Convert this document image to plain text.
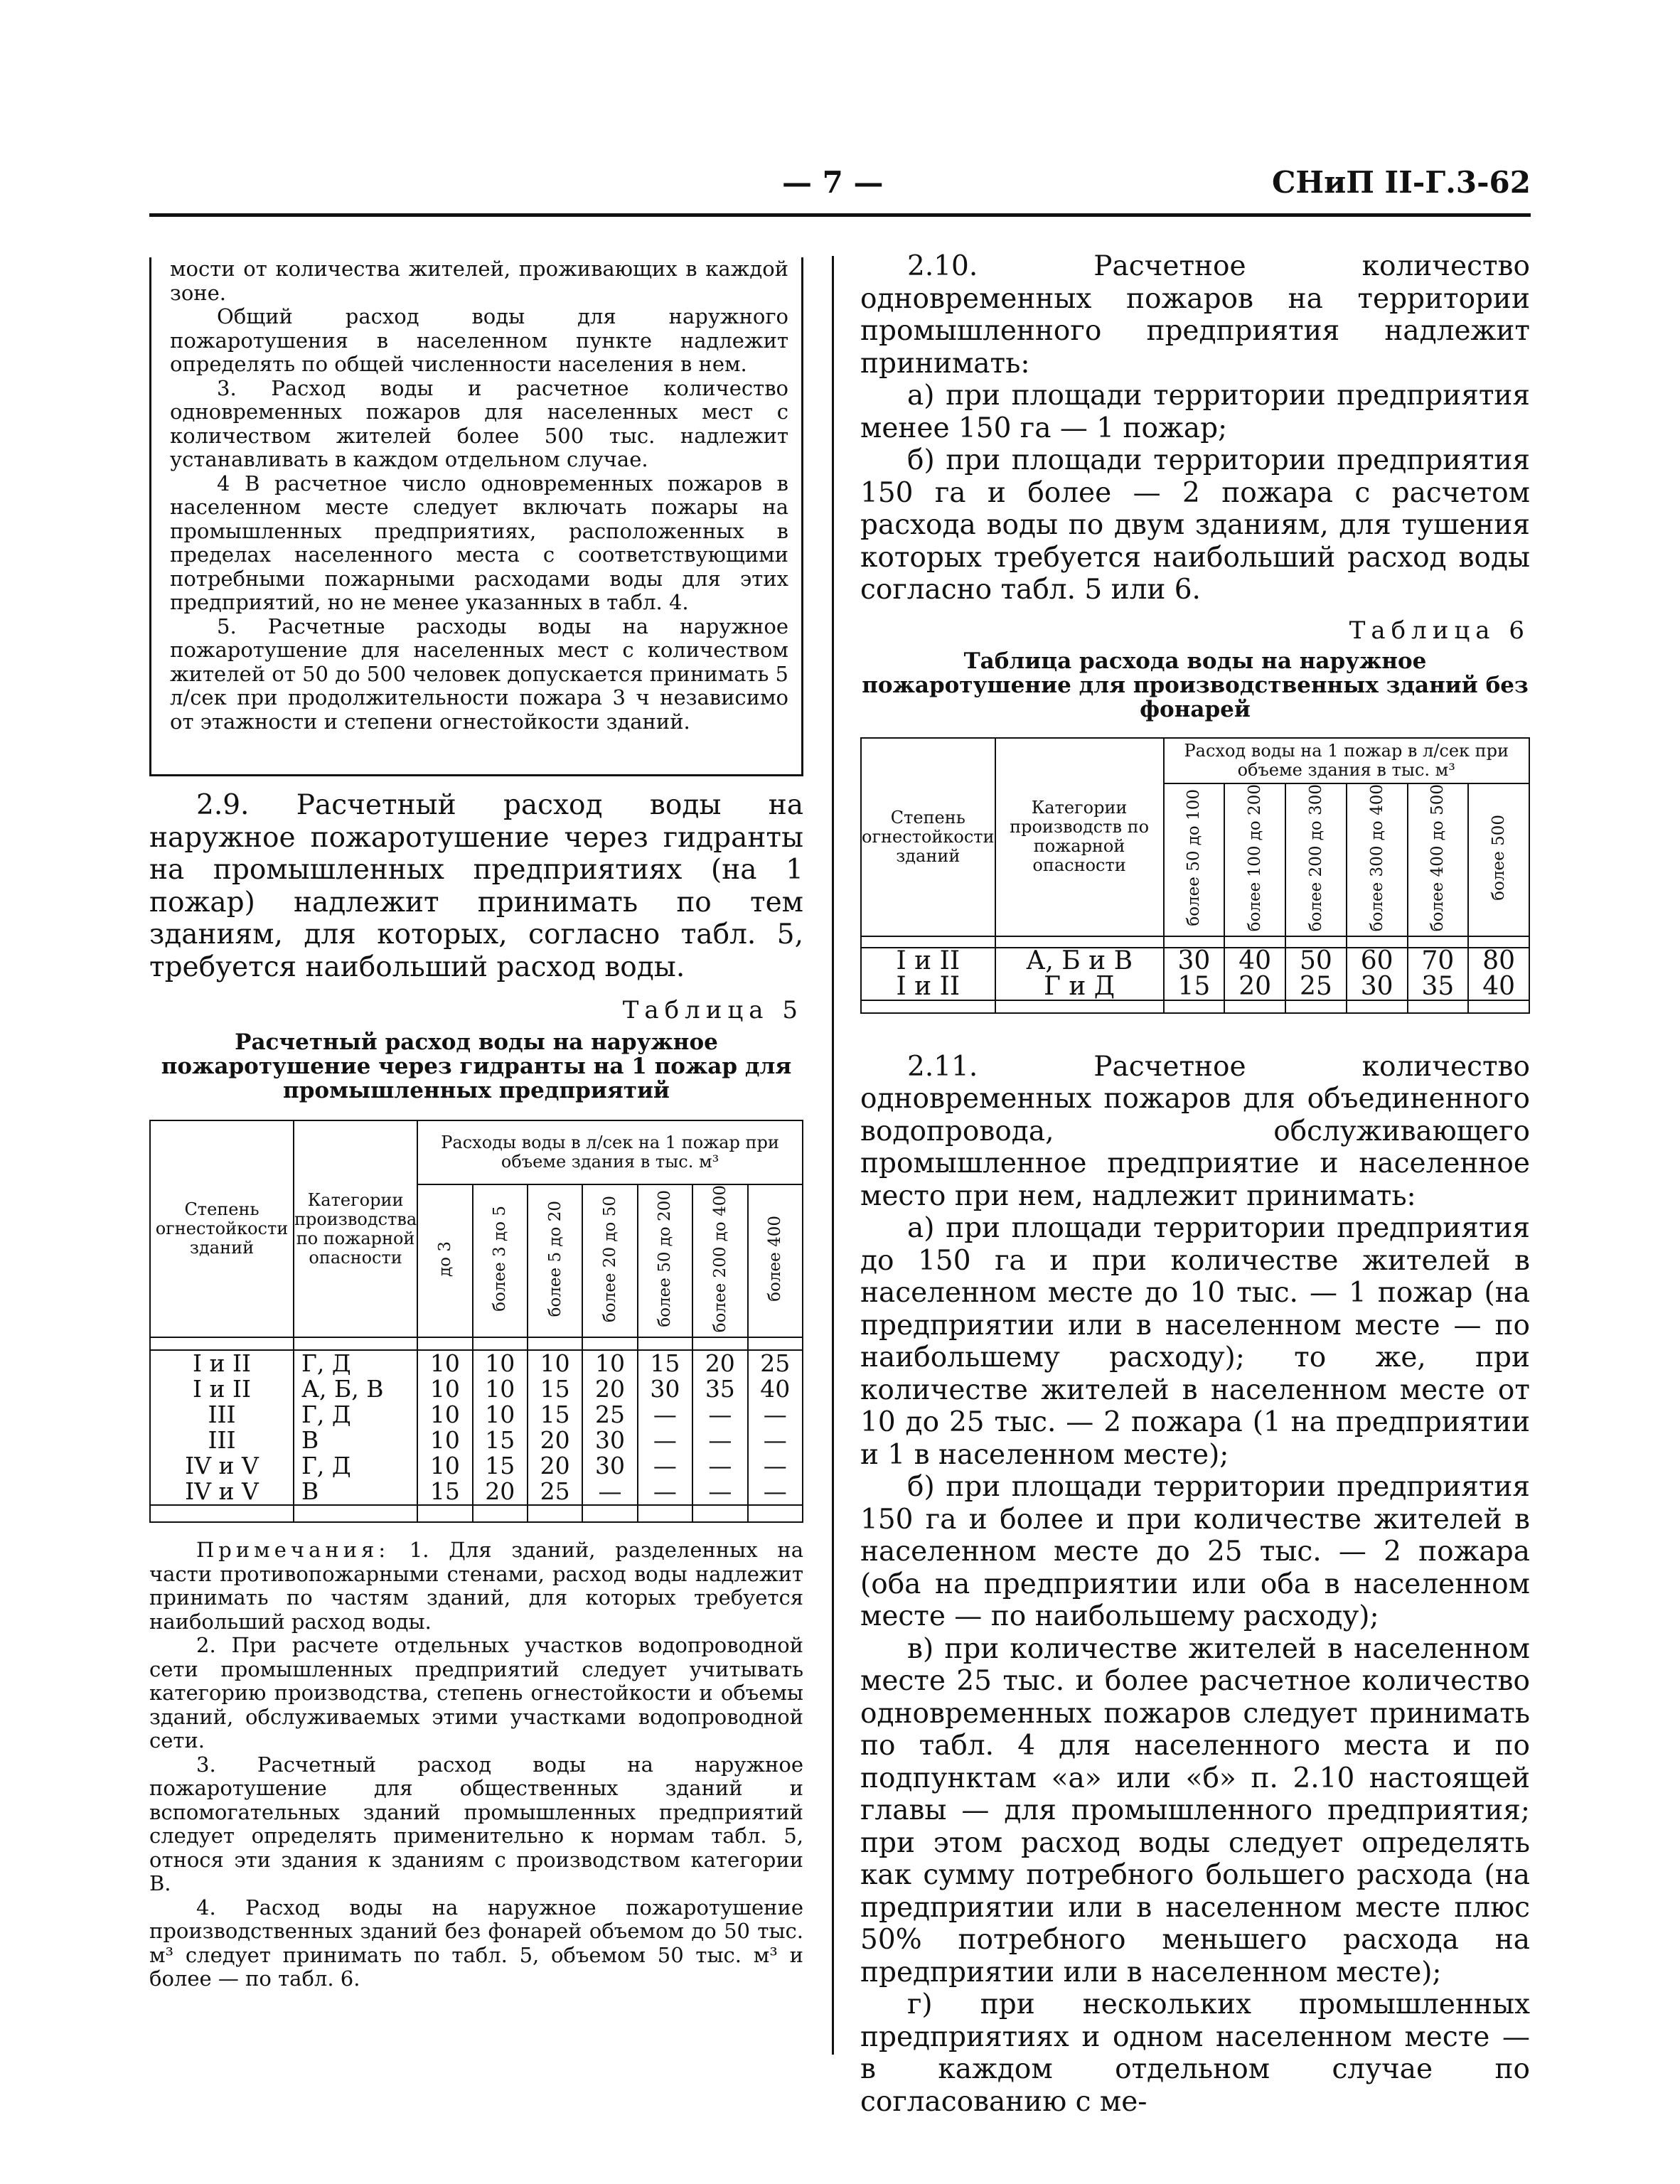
— 7 —	СНиП II-Г.3-62

мости от количества жителей, проживающих в каждой зоне.

Общий расход воды для наружного пожаротушения в населенном пункте надлежит определять по общей численности населения в нем.

3. Расход воды и расчетное количество одновременных пожаров для населенных мест с количеством жителей более 500 тыс. надлежит устанавливать в каждом отдельном случае.

4 В расчетное число одновременных пожаров в населенном месте следует включать пожары на промышленных предприятиях, расположенных в пределах населенного места с соответствующими потребными пожарными расходами воды для этих предприятий, но не менее указанных в табл. 4.

5. Расчетные расходы воды на наружное пожаротушение для населенных мест с количеством жителей от 50 до 500 человек допускается принимать 5 л/сек при продолжительности пожара 3 ч независимо от этажности и степени огнестойкости зданий.

2.9. Расчетный расход воды на наружное пожаротушение через гидранты на промышленных предприятиях (на 1 пожар) надлежит принимать по тем зданиям, для которых, согласно табл. 5, требуется наибольший расход воды.

Таблица 5

Расчетный расход воды на наружное пожаротушение через гидранты на 1 пожар для промышленных предприятий

Степень огнестойкости зданий	Категории производства по пожарной опасности	Расходы воды в л/сек на 1 пожар при объеме здания в тыс. м³						
		до 3	более 3 до 5	более 5 до 20	более 20 до 50	более 50 до 200	более 200 до 400	более 400

I и II	Г, Д	10	10	10	10	15	20	25
I и II	А, Б, В	10	10	15	20	30	35	40
III	Г, Д	10	10	15	25	—	—	—
III	В	10	15	20	30	—	—	—
IV и V	Г, Д	10	15	20	30	—	—	—
IV и V	В	15	20	25	—	—	—	—

Примечания: 1. Для зданий, разделенных на части противопожарными стенами, расход воды надлежит принимать по частям зданий, для которых требуется наибольший расход воды.

2. При расчете отдельных участков водопроводной сети промышленных предприятий следует учитывать категорию производства, степень огнестойкости и объемы зданий, обслуживаемых этими участками водопроводной сети.

3. Расчетный расход воды на наружное пожаротушение для общественных зданий и вспомогательных зданий промышленных предприятий следует определять применительно к нормам табл. 5, относя эти здания к зданиям с производством категории В.

4. Расход воды на наружное пожаротушение производственных зданий без фонарей объемом до 50 тыс. м³ следует принимать по табл. 5, объемом 50 тыс. м³ и более — по табл. 6.

2.10. Расчетное количество одновременных пожаров на территории промышленного предприятия надлежит принимать:

а) при площади территории предприятия менее 150 га — 1 пожар;

б) при площади территории предприятия 150 га и более — 2 пожара с расчетом расхода воды по двум зданиям, для тушения которых требуется наибольший расход воды согласно табл. 5 или 6.

Таблица 6

Таблица расхода воды на наружное пожаротушение для производственных зданий без фонарей

Степень огнестойкости зданий	Категории производств по пожарной опасности	Расход воды на 1 пожар в л/сек при объеме здания в тыс. м³					
		более 50 до 100	более 100 до 200	более 200 до 300	более 300 до 400	более 400 до 500	более 500

I и II	А, Б и В	30	40	50	60	70	80
I и II	Г и Д	15	20	25	30	35	40

2.11. Расчетное количество одновременных пожаров для объединенного водопровода, обслуживающего промышленное предприятие и населенное место при нем, надлежит принимать:

а) при площади территории предприятия до 150 га и при количестве жителей в населенном месте до 10 тыс. — 1 пожар (на предприятии или в населенном месте — по наибольшему расходу); то же, при количестве жителей в населенном месте от 10 до 25 тыс. — 2 пожара (1 на предприятии и 1 в населенном месте);

б) при площади территории предприятия 150 га и более и при количестве жителей в населенном месте до 25 тыс. — 2 пожара (оба на предприятии или оба в населенном месте — по наибольшему расходу);

в) при количестве жителей в населенном месте 25 тыс. и более расчетное количество одновременных пожаров следует принимать по табл. 4 для населенного места и по подпунктам «а» или «б» п. 2.10 настоящей главы — для промышленного предприятия; при этом расход воды следует определять как сумму потребного большего расхода (на предприятии или в населенном месте плюс 50% потребного меньшего расхода на предприятии или в населенном месте);

г) при нескольких промышленных предприятиях и одном населенном месте — в каждом отдельном случае по согласованию с ме-
